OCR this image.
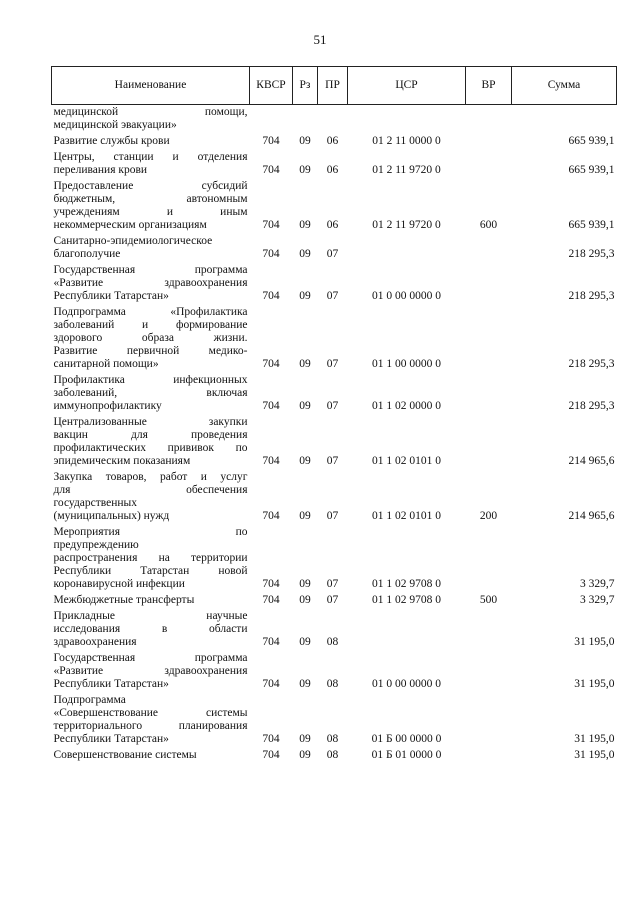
51
Наименование	КВСР	Рз	ПР	ЦСР	ВР	Сумма

медицинской помощи,
медицинской эвакуации»						

Развитие службы крови	704	09	06	01 2 11 0000 0		665 939,1

Центры, станции и отделения
переливания крови	704	09	06	01 2 11 9720 0		665 939,1

Предоставление субсидий
бюджетным, автономным
учреждениям и иным
некоммерческим организациям	704	09	06	01 2 11 9720 0	600	665 939,1

Санитарно-эпидемиологическое
благополучие	704	09	07			218 295,3

Государственная программа
«Развитие здравоохранения
Республики Татарстан»	704	09	07	01 0 00 0000 0		218 295,3

Подпрограмма «Профилактика
заболеваний и формирование
здорового образа жизни.
Развитие первичной медико-
санитарной помощи»	704	09	07	01 1 00 0000 0		218 295,3

Профилактика инфекционных
заболеваний, включая
иммунопрофилактику	704	09	07	01 1 02 0000 0		218 295,3

Централизованные закупки
вакцин для проведения
профилактических прививок по
эпидемическим показаниям	704	09	07	01 1 02 0101 0		214 965,6

Закупка товаров, работ и услуг
для обеспечения
государственных
(муниципальных) нужд	704	09	07	01 1 02 0101 0	200	214 965,6

Мероприятия по
предупреждению
распространения на территории
Республики Татарстан новой
коронавирусной инфекции	704	09	07	01 1 02 9708 0		3 329,7

Межбюджетные трансферты	704	09	07	01 1 02 9708 0	500	3 329,7

Прикладные научные
исследования в области
здравоохранения	704	09	08			31 195,0

Государственная программа
«Развитие здравоохранения
Республики Татарстан»	704	09	08	01 0 00 0000 0		31 195,0

Подпрограмма
«Совершенствование системы
территориального планирования
Республики Татарстан»	704	09	08	01 Б 00 0000 0		31 195,0

Совершенствование системы	704	09	08	01 Б 01 0000 0		31 195,0
